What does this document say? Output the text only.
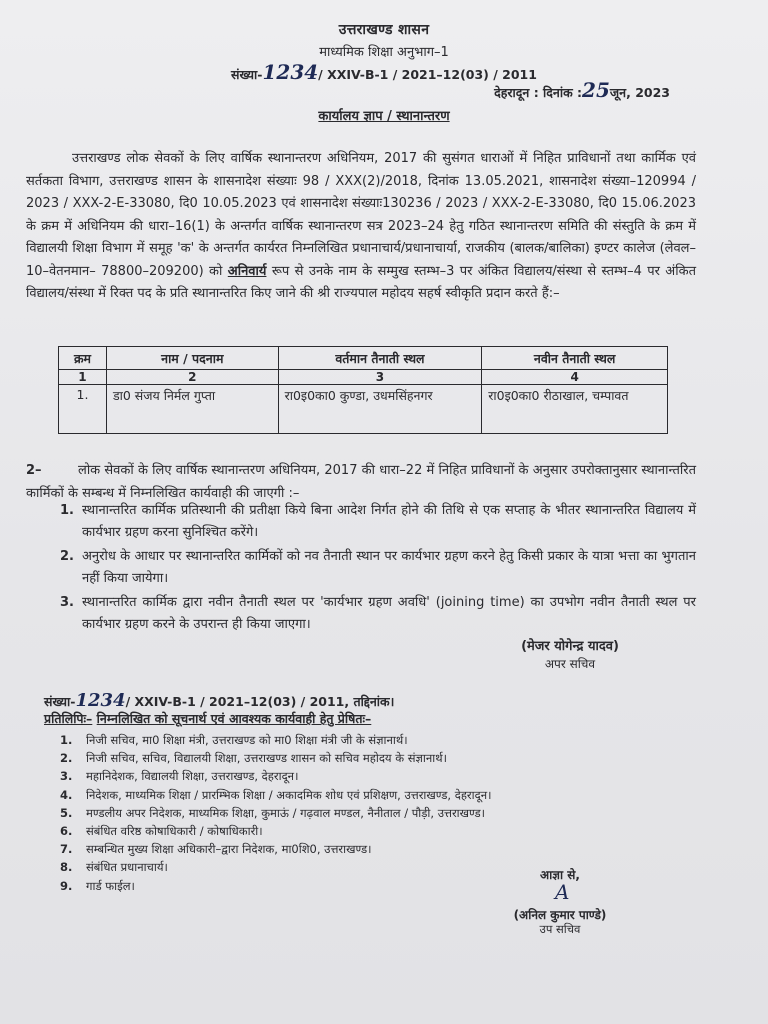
उत्तराखण्ड शासन
माध्यमिक शिक्षा अनुभाग–1
संख्या-1234/ XXIV-B-1 / 2021–12(03) / 2011
देहरादून : दिनांक :25जून, 2023
कार्यालय ज्ञाप / स्थानान्तरण
उत्तराखण्ड लोक सेवकों के लिए वार्षिक स्थानान्तरण अधिनियम, 2017 की सुसंगत धाराओं में निहित प्राविधानों तथा कार्मिक एवं सर्तकता विभाग, उत्तराखण्ड शासन के शासनादेश संख्याः 98 / XXX(2)/2018, दिनांक 13.05.2021, शासनादेश संख्या–120994 / 2023 / XXX-2-E-33080, दि0 10.05.2023 एवं शासनादेश संख्याः130236 / 2023 / XXX-2-E-33080, दि0 15.06.2023 के क्रम में अधिनियम की धारा–16(1) के अन्तर्गत वार्षिक स्थानान्तरण सत्र 2023–24 हेतु गठित स्थानान्तरण समिति की संस्तुति के क्रम में विद्यालयी शिक्षा विभाग में समूह 'क' के अन्तर्गत कार्यरत निम्नलिखित प्रधानाचार्य/प्रधानाचार्या, राजकीय (बालक/बालिका) इण्टर कालेज (लेवल–10–वेतनमान– 78800–209200) को अनिवार्य रूप से उनके नाम के सम्मुख स्तम्भ–3 पर अंकित विद्यालय/संस्था से स्तम्भ–4 पर अंकित विद्यालय/संस्था में रिक्त पद के प्रति स्थानान्तरित किए जाने की श्री राज्यपाल महोदय सहर्ष स्वीकृति प्रदान करते हैं:–
क्रम	नाम / पदनाम	वर्तमान तैनाती स्थल	नवीन तैनाती स्थल
1	2	3	4
1.	डा0 संजय निर्मल गुप्ता	रा0इ0का0 कुण्डा, उधमसिंहनगर	रा0इ0का0 रीठाखाल, चम्पावत
2–	लोक सेवकों के लिए वार्षिक स्थानान्तरण अधिनियम, 2017 की धारा–22 में निहित प्राविधानों के अनुसार उपरोक्तानुसार स्थानान्तरित कार्मिकों के सम्बन्ध में निम्नलिखित कार्यवाही की जाएगी :–
1. स्थानान्तरित कार्मिक प्रतिस्थानी की प्रतीक्षा किये बिना आदेश निर्गत होने की तिथि से एक सप्ताह के भीतर स्थानान्तरित विद्यालय में कार्यभार ग्रहण करना सुनिश्चित करेंगे।
2. अनुरोध के आधार पर स्थानान्तरित कार्मिकों को नव तैनाती स्थान पर कार्यभार ग्रहण करने हेतु किसी प्रकार के यात्रा भत्ता का भुगतान नहीं किया जायेगा।
3. स्थानान्तरित कार्मिक द्वारा नवीन तैनाती स्थल पर 'कार्यभार ग्रहण अवधि' (joining time) का उपभोग नवीन तैनाती स्थल पर कार्यभार ग्रहण करने के उपरान्त ही किया जाएगा।
(मेजर योगेन्द्र यादव)
अपर सचिव
संख्या-1234/ XXIV-B-1 / 2021–12(03) / 2011, तद्दिनांक।
प्रतिलिपिः– निम्नलिखित को सूचनार्थ एवं आवश्यक कार्यवाही हेतु प्रेषितः–
1.	निजी सचिव, मा0 शिक्षा मंत्री, उत्तराखण्ड को मा0 शिक्षा मंत्री जी के संज्ञानार्थ।
2.	निजी सचिव, सचिव, विद्यालयी शिक्षा, उत्तराखण्ड शासन को सचिव महोदय के संज्ञानार्थ।
3.	महानिदेशक, विद्यालयी शिक्षा, उत्तराखण्ड, देहरादून।
4.	निदेशक, माध्यमिक शिक्षा / प्रारम्भिक शिक्षा / अकादमिक शोध एवं प्रशिक्षण, उत्तराखण्ड, देहरादून।
5.	मण्डलीय अपर निदेशक, माध्यमिक शिक्षा, कुमाऊं / गढ़वाल मण्डल, नैनीताल / पौड़ी, उत्तराखण्ड।
6.	संबंधित वरिष्ठ कोषाधिकारी / कोषाधिकारी।
7.	सम्बन्धित मुख्य शिक्षा अधिकारी–द्वारा निदेशक, मा0शि0, उत्तराखण्ड।
8.	संबंधित प्रधानाचार्य।
9.	गार्ड फाईल।
आज्ञा से,
A
(अनिल कुमार पाण्डे)
उप सचिव
